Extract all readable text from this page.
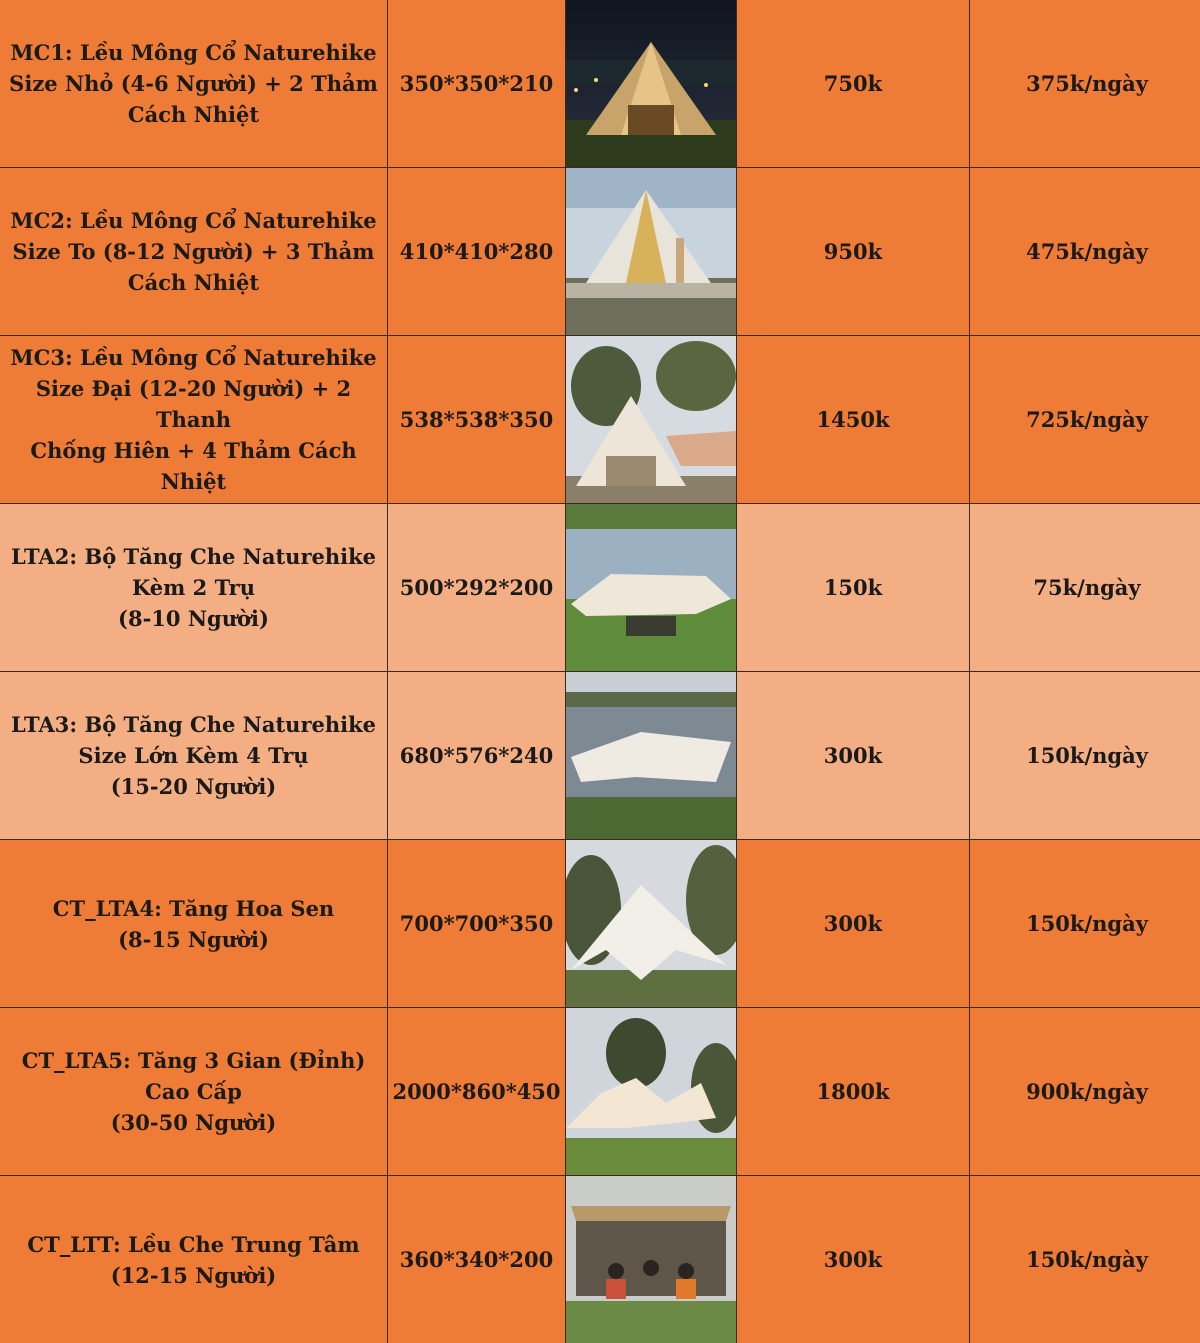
MC1: Lều Mông Cổ Naturehike
Size Nhỏ (4-6 Người) + 2 Thảm
Cách Nhiệt
350*350*210	750k	375k/ngày
MC2: Lều Mông Cổ Naturehike
Size To (8-12 Người) + 3 Thảm
Cách Nhiệt
410*410*280	950k	475k/ngày
MC3: Lều Mông Cổ Naturehike
Size Đại (12-20 Người) + 2 Thanh
Chống Hiên + 4 Thảm Cách Nhiệt
538*538*350	1450k	725k/ngày
LTA2: Bộ Tăng Che Naturehike
Kèm 2 Trụ
(8-10 Người)
500*292*200	150k	75k/ngày
LTA3: Bộ Tăng Che Naturehike
Size Lớn Kèm 4 Trụ
(15-20 Người)
680*576*240	300k	150k/ngày
CT_LTA4: Tăng Hoa Sen
(8-15 Người)
700*700*350	300k	150k/ngày
CT_LTA5: Tăng 3 Gian (Đỉnh)
Cao Cấp
(30-50 Người)
2000*860*450	1800k	900k/ngày
CT_LTT: Lều Che Trung Tâm
(12-15 Người)
360*340*200	300k	150k/ngày
